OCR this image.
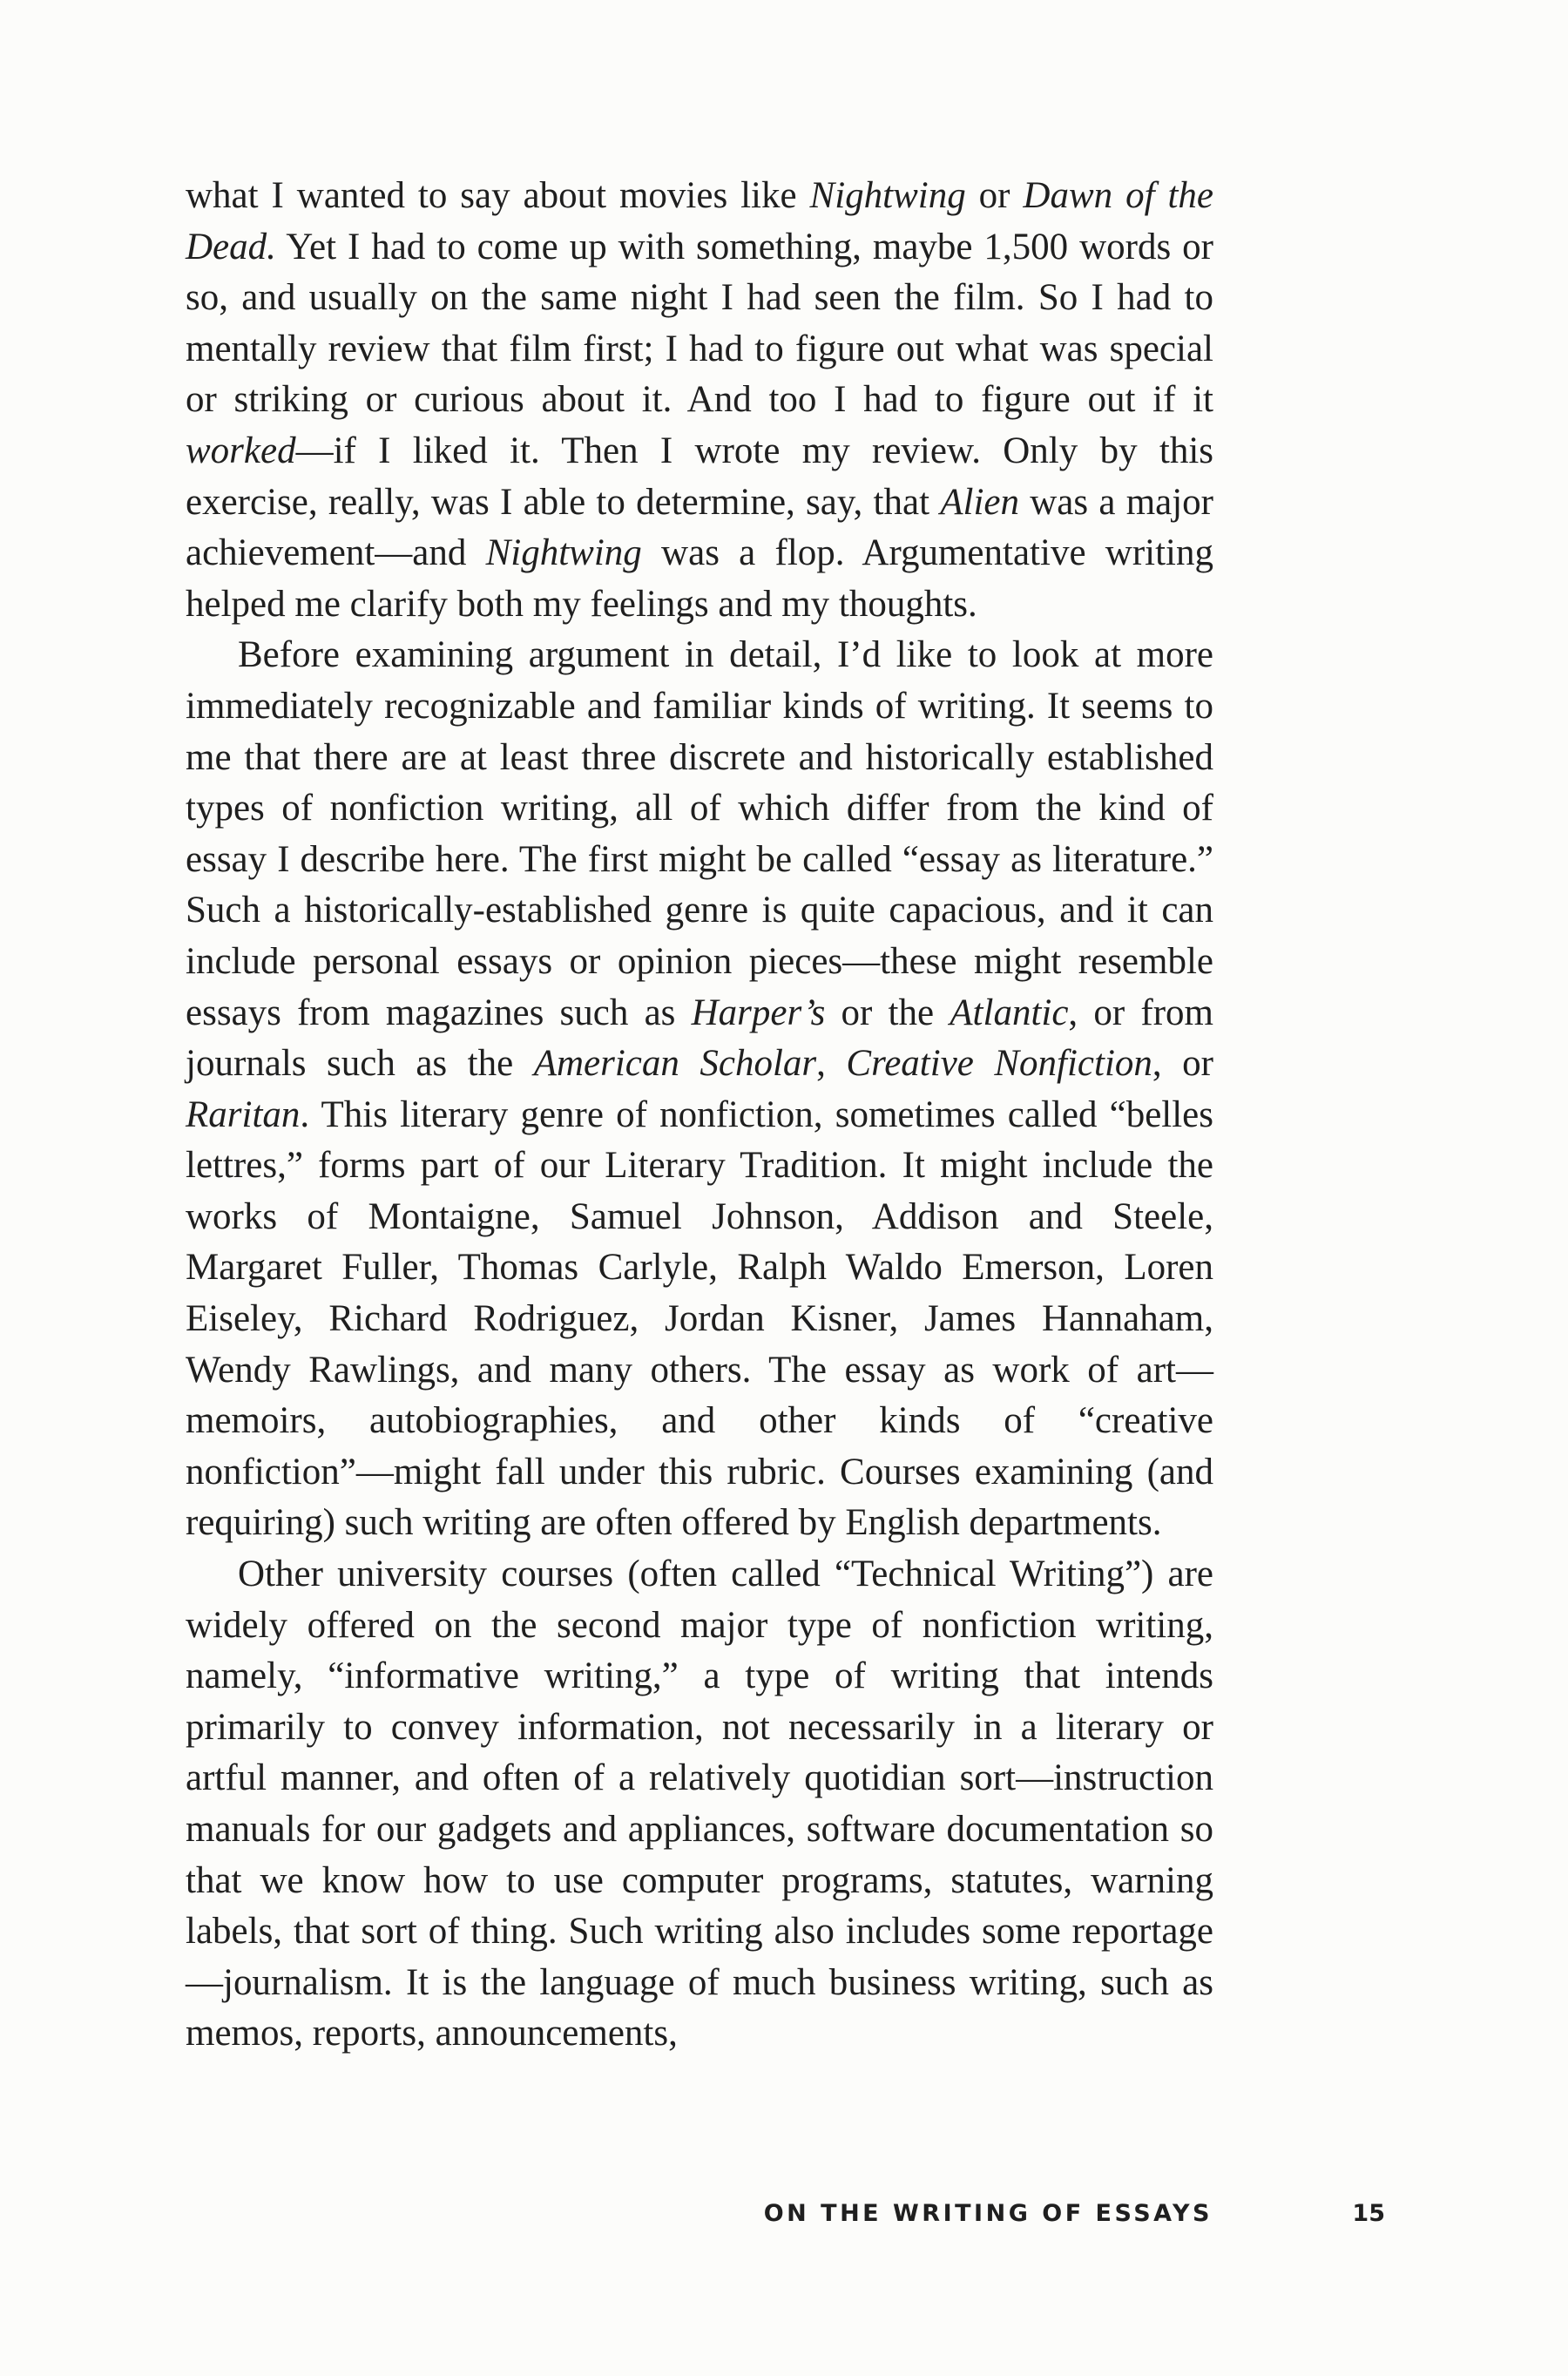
what I wanted to say about movies like Nightwing or Dawn of the Dead. Yet I had to come up with something, maybe 1,500 words or so, and usually on the same night I had seen the film. So I had to mentally review that film first; I had to figure out what was special or striking or curious about it. And too I had to figure out if it worked—if I liked it. Then I wrote my review. Only by this exercise, really, was I able to determine, say, that Alien was a major achievement—and Nightwing was a flop. Argumentative writing helped me clarify both my feelings and my thoughts.

Before examining argument in detail, I’d like to look at more immediately recognizable and familiar kinds of writing. It seems to me that there are at least three discrete and historically established types of nonfiction writing, all of which differ from the kind of essay I describe here. The first might be called “essay as literature.” Such a historically-established genre is quite capacious, and it can include personal essays or opinion pieces—these might resemble essays from magazines such as Harper’s or the Atlantic, or from journals such as the American Scholar, Creative Nonfiction, or Raritan. This literary genre of nonfiction, sometimes called “belles lettres,” forms part of our Literary Tradition. It might include the works of Montaigne, Samuel Johnson, Addison and Steele, Margaret Fuller, Thomas Carlyle, Ralph Waldo Emerson, Loren Eiseley, Richard Rodriguez, Jordan Kisner, James Hannaham, Wendy Rawlings, and many others. The essay as work of art—memoirs, autobiographies, and other kinds of “creative nonfiction”—might fall under this rubric. Courses examining (and requiring) such writing are often offered by English departments.

Other university courses (often called “Technical Writing”) are widely offered on the second major type of nonfiction writing, namely, “informative writing,” a type of writing that intends primarily to convey information, not necessarily in a literary or artful manner, and often of a relatively quotidian sort—instruction manuals for our gadgets and appliances, software documentation so that we know how to use computer programs, statutes, warning labels, that sort of thing. Such writing also includes some reportage—journalism. It is the language of much business writing, such as memos, reports, announcements,

ON THE WRITING OF ESSAYS	15
